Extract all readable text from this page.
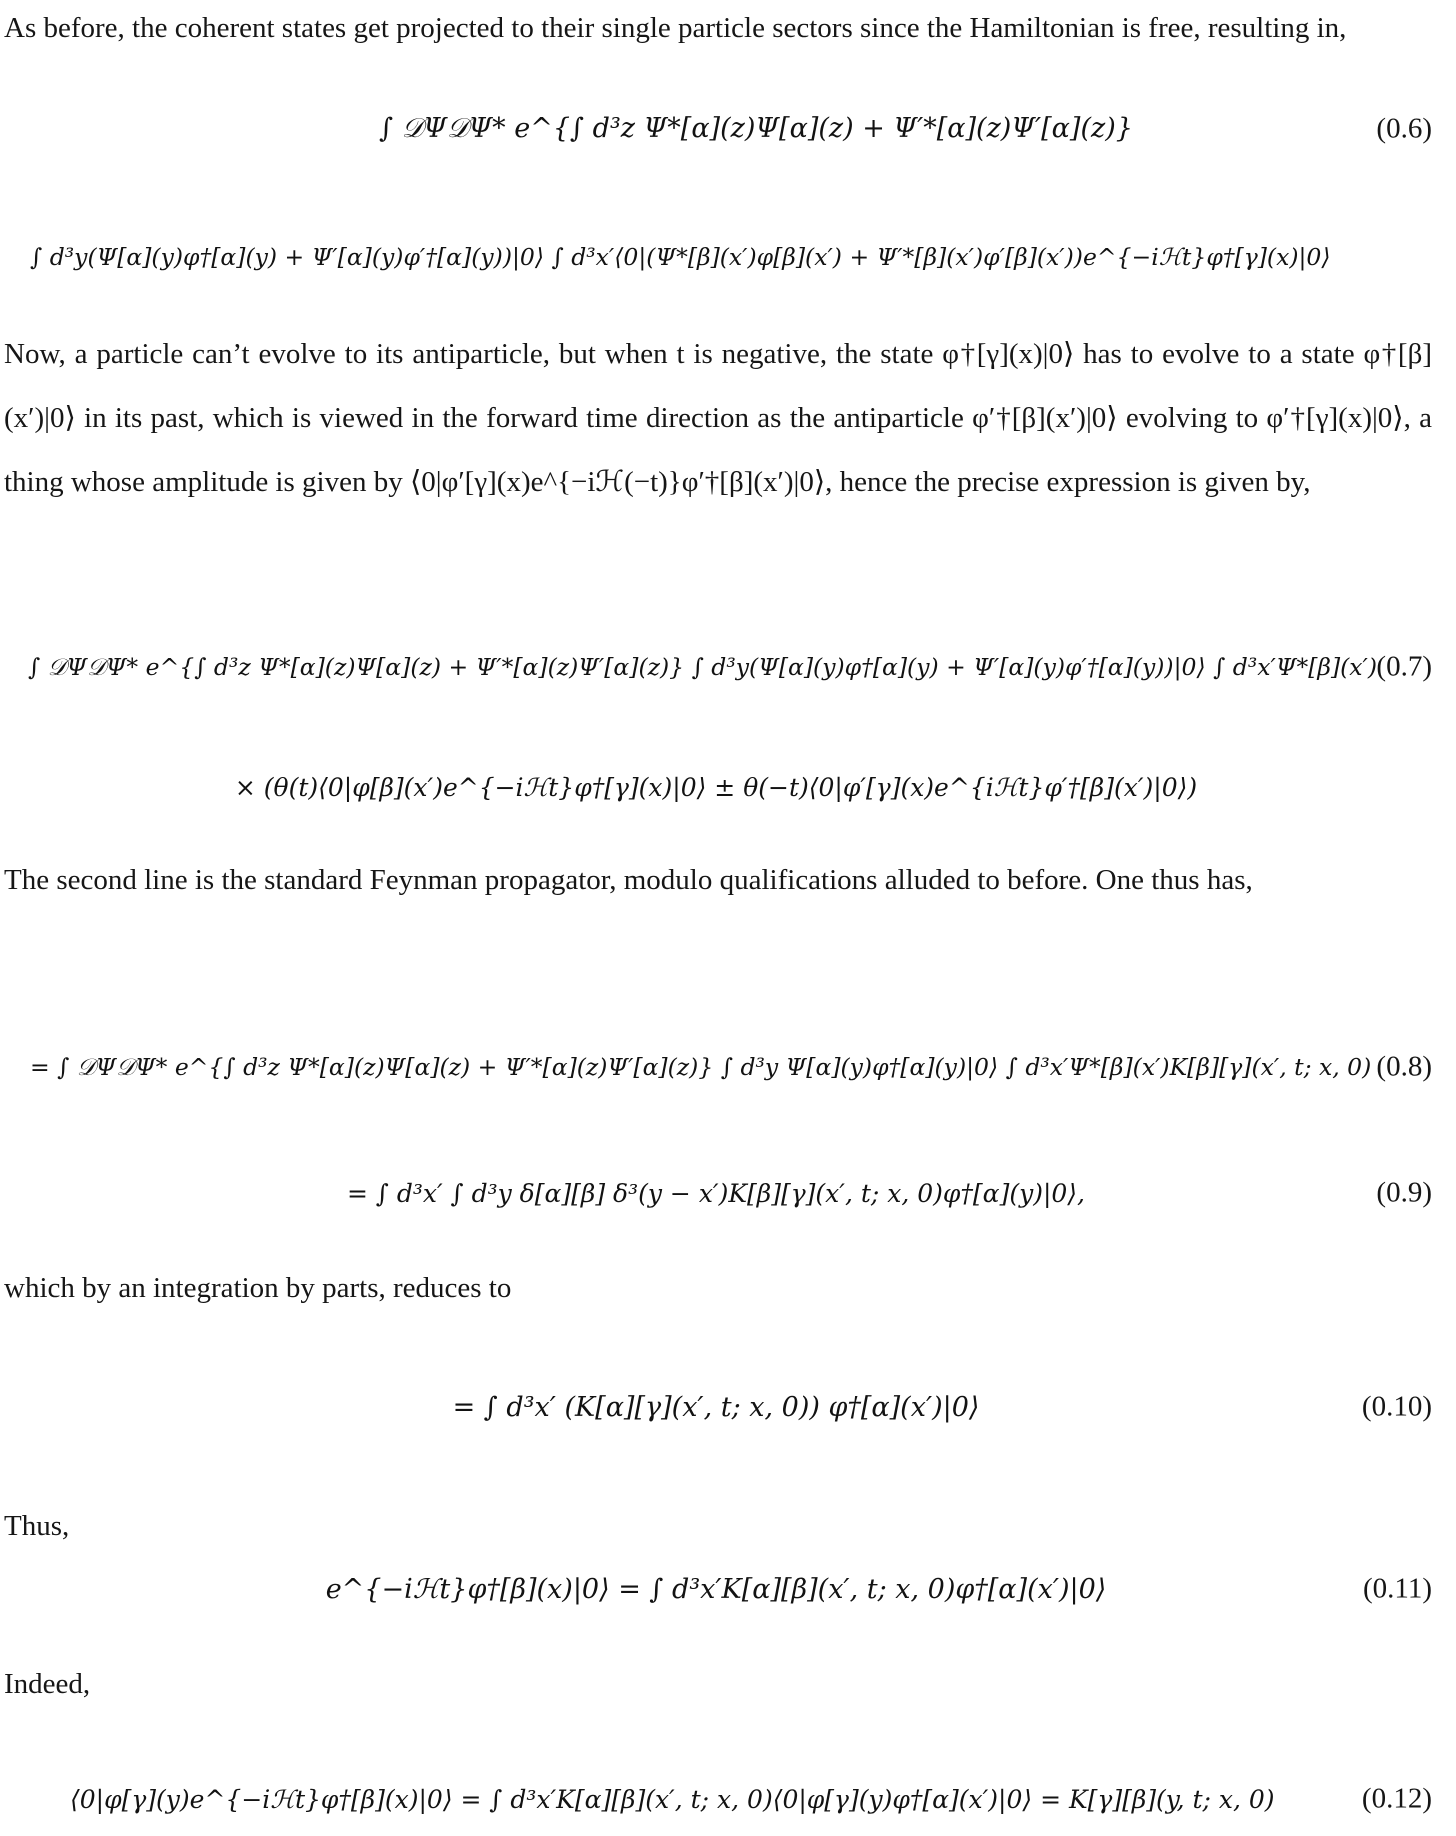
As before, the coherent states get projected to their single particle sectors since the Hamiltonian is free, resulting in,

∫ 𝒟Ψ𝒟Ψ* e^{∫ d³z Ψ*[α](z)Ψ[α](z) + Ψ′*[α](z)Ψ′[α](z)}	(0.6)
∫ d³y(Ψ[α](y)φ†[α](y) + Ψ′[α](y)φ′†[α](y))|0⟩ ∫ d³x′⟨0|(Ψ*[β](x′)φ[β](x′) + Ψ′*[β](x′)φ′[β](x′))e^{−iℋt}φ†[γ](x)|0⟩

Now, a particle can’t evolve to its antiparticle, but when t is negative, the state φ†[γ](x)|0⟩ has to evolve to a state φ†[β](x′)|0⟩ in its past, which is viewed in the forward time direction as the antiparticle φ′†[β](x′)|0⟩ evolving to φ′†[γ](x)|0⟩, a thing whose amplitude is given by ⟨0|φ′[γ](x)e^{−iℋ(−t)}φ′†[β](x′)|0⟩, hence the precise expression is given by,

∫ 𝒟Ψ𝒟Ψ* e^{∫ d³z Ψ*[α](z)Ψ[α](z) + Ψ′*[α](z)Ψ′[α](z)} ∫ d³y(Ψ[α](y)φ†[α](y) + Ψ′[α](y)φ′†[α](y))|0⟩ ∫ d³x′Ψ*[β](x′) (0.7)
× (θ(t)⟨0|φ[β](x′)e^{−iℋt}φ†[γ](x)|0⟩ ± θ(−t)⟨0|φ′[γ](x)e^{iℋt}φ′†[β](x′)|0⟩)

The second line is the standard Feynman propagator, modulo qualifications alluded to before. One thus has,

= ∫ 𝒟Ψ𝒟Ψ* e^{∫ d³z Ψ*[α](z)Ψ[α](z) + Ψ′*[α](z)Ψ′[α](z)} ∫ d³y Ψ[α](y)φ†[α](y)|0⟩ ∫ d³x′Ψ*[β](x′)K[β][γ](x′, t; x, 0) (0.8)
= ∫ d³x′ ∫ d³y δ[α][β] δ³(y − x′)K[β][γ](x′, t; x, 0)φ†[α](y)|0⟩,	(0.9)

which by an integration by parts, reduces to

= ∫ d³x′ (K[α][γ](x′, t; x, 0)) φ†[α](x′)|0⟩	(0.10)

Thus,

e^{−iℋt}φ†[β](x)|0⟩ = ∫ d³x′K[α][β](x′, t; x, 0)φ†[α](x′)|0⟩	(0.11)

Indeed,

⟨0|φ[γ](y)e^{−iℋt}φ†[β](x)|0⟩ = ∫ d³x′K[α][β](x′, t; x, 0)⟨0|φ[γ](y)φ†[α](x′)|0⟩ = K[γ][β](y, t; x, 0)	(0.12)
